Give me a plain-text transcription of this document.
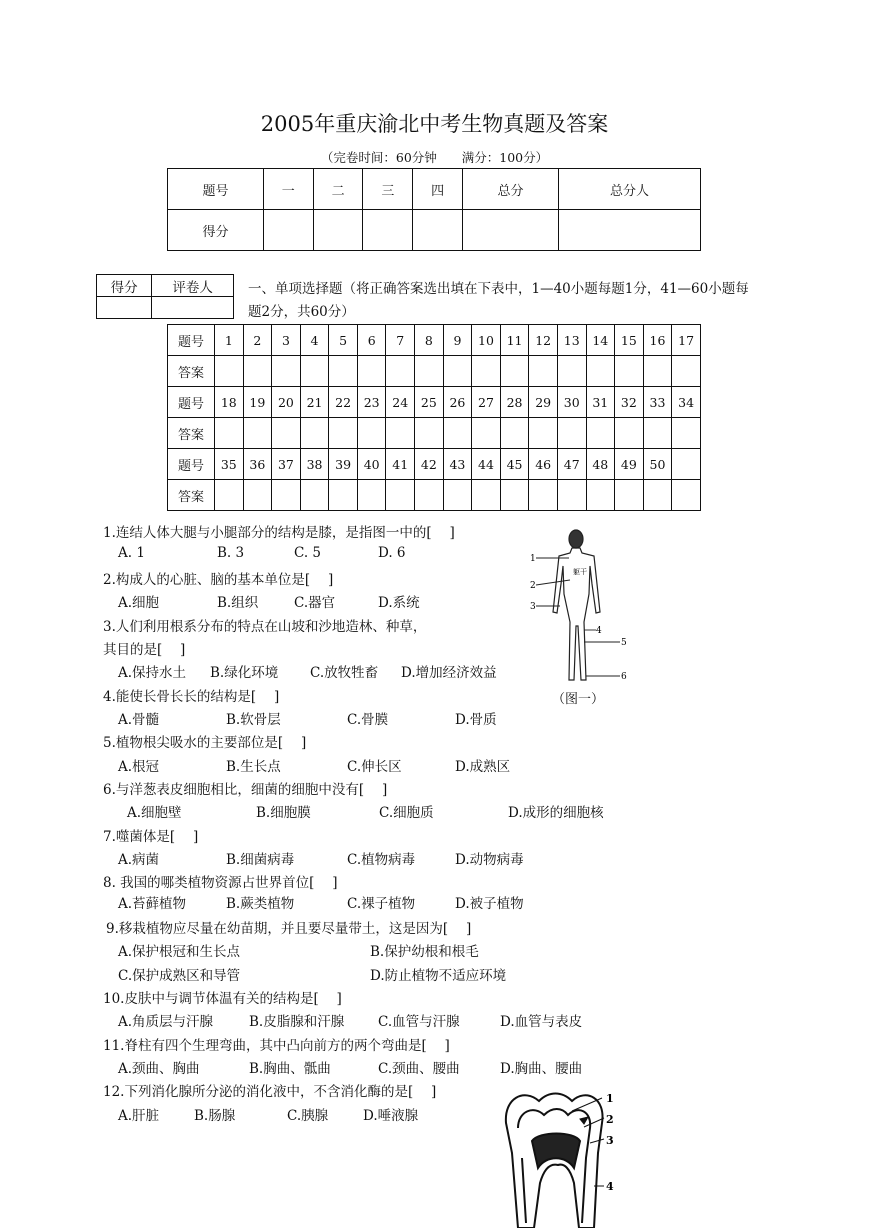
2005年重庆渝北中考生物真题及答案
（完卷时间：60分钟　　满分：100分）
题号	一	二	三	四	总分	总分人
得分						
得分	评卷人
		一、单项选择题（将正确答案选出填在下表中，1—40小题每题1分，41—60小题每
题2分，共60分）
题号	1	2	3	4	5	6	7	8	9	10	11	12	13	14	15	16	17
答案																	
题号	18	19	20	21	22	23	24	25	26	27	28	29	30	31	32	33	34
答案																	
题号	35	36	37	38	39	40	41	42	43	44	45	46	47	48	49	50	
答案																	
1.连结人体大腿与小腿部分的结构是膝，是指图一中的[　 ]
A. 1	B. 3	C. 5	D. 6
2.构成人的心脏、脑的基本单位是[　 ]
A.细胞	B.组织	C.器官	D.系统
3.人们利用根系分布的特点在山坡和沙地造林、种草，
其目的是[　 ]
A.保持水土 B.绿化环境 C.放牧牲畜 D.增加经济效益
4.能使长骨长长的结构是[　 ]
A.骨髓	B.软骨层	C.骨膜	D.骨质
5.植物根尖吸水的主要部位是[　 ]
A.根冠	B.生长点	C.伸长区	D.成熟区
6.与洋葱表皮细胞相比，细菌的细胞中没有[　 ]
A.细胞壁	B.细胞膜	C.细胞质	D.成形的细胞核
7.噬菌体是[　 ]
A.病菌	B.细菌病毒	C.植物病毒	D.动物病毒
8. 我国的哪类植物资源占世界首位[　 ]
A.苔藓植物	B.蕨类植物	C.裸子植物	D.被子植物
9.移栽植物应尽量在幼苗期，并且要尽量带土，这是因为[　 ]
A.保护根冠和生长点	B.保护幼根和根毛
C.保护成熟区和导管	D.防止植物不适应环境
10.皮肤中与调节体温有关的结构是[　 ]
A.角质层与汗腺	B.皮脂腺和汗腺	C.血管与汗腺	D.血管与表皮
11.脊柱有四个生理弯曲，其中凸向前方的两个弯曲是[　 ]
A.颈曲、胸曲	B.胸曲、骶曲	C.颈曲、腰曲	D.胸曲、腰曲
12.下列消化腺所分泌的消化液中，不含消化酶的是[　 ]
A.肝脏	B.肠腺	C.胰腺	D.唾液腺
1
2
3
4
5
6
躯干
（图一）
1
2
3
4
